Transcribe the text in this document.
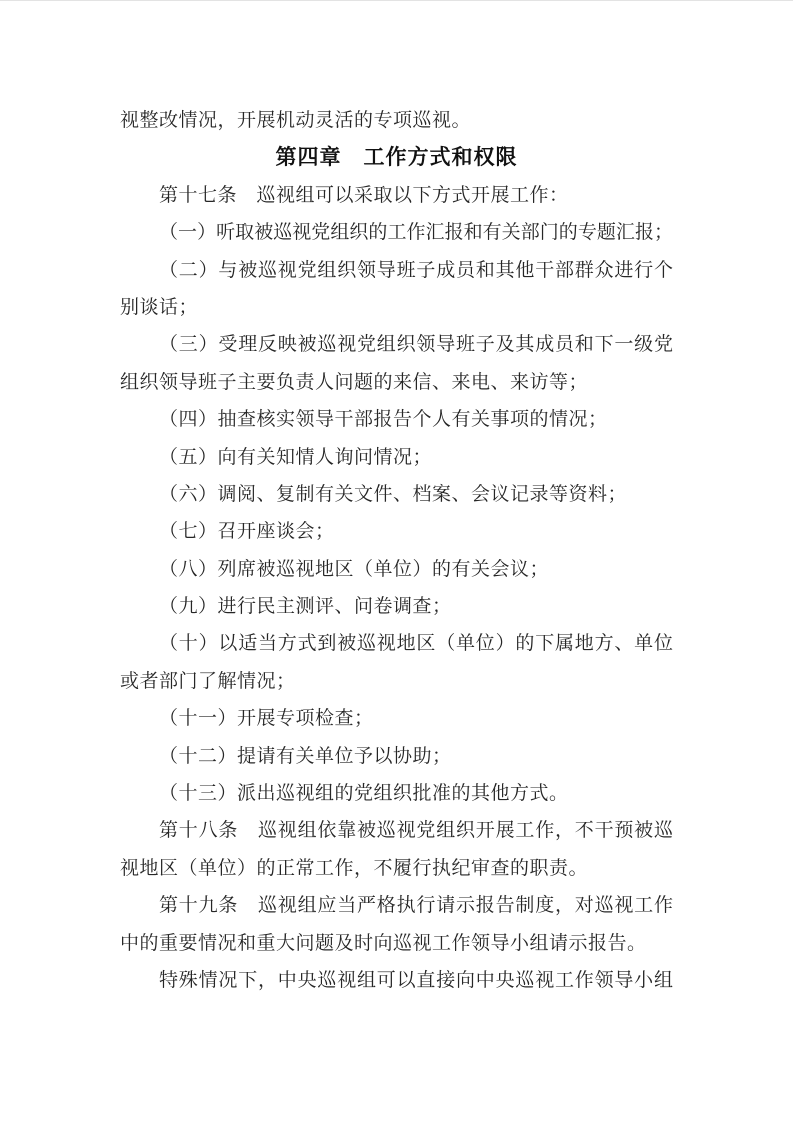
视整改情况，开展机动灵活的专项巡视。
第四章　工作方式和权限
第十七条　巡视组可以采取以下方式开展工作：
（一）听取被巡视党组织的工作汇报和有关部门的专题汇报；
（二）与被巡视党组织领导班子成员和其他干部群众进行个
别谈话；
（三）受理反映被巡视党组织领导班子及其成员和下一级党
组织领导班子主要负责人问题的来信、来电、来访等；
（四）抽查核实领导干部报告个人有关事项的情况；
（五）向有关知情人询问情况；
（六）调阅、复制有关文件、档案、会议记录等资料；
（七）召开座谈会；
（八）列席被巡视地区（单位）的有关会议；
（九）进行民主测评、问卷调查；
（十）以适当方式到被巡视地区（单位）的下属地方、单位
或者部门了解情况；
（十一）开展专项检查；
（十二）提请有关单位予以协助；
（十三）派出巡视组的党组织批准的其他方式。
第十八条　巡视组依靠被巡视党组织开展工作，不干预被巡
视地区（单位）的正常工作，不履行执纪审查的职责。
第十九条　巡视组应当严格执行请示报告制度，对巡视工作
中的重要情况和重大问题及时向巡视工作领导小组请示报告。
特殊情况下，中央巡视组可以直接向中央巡视工作领导小组
